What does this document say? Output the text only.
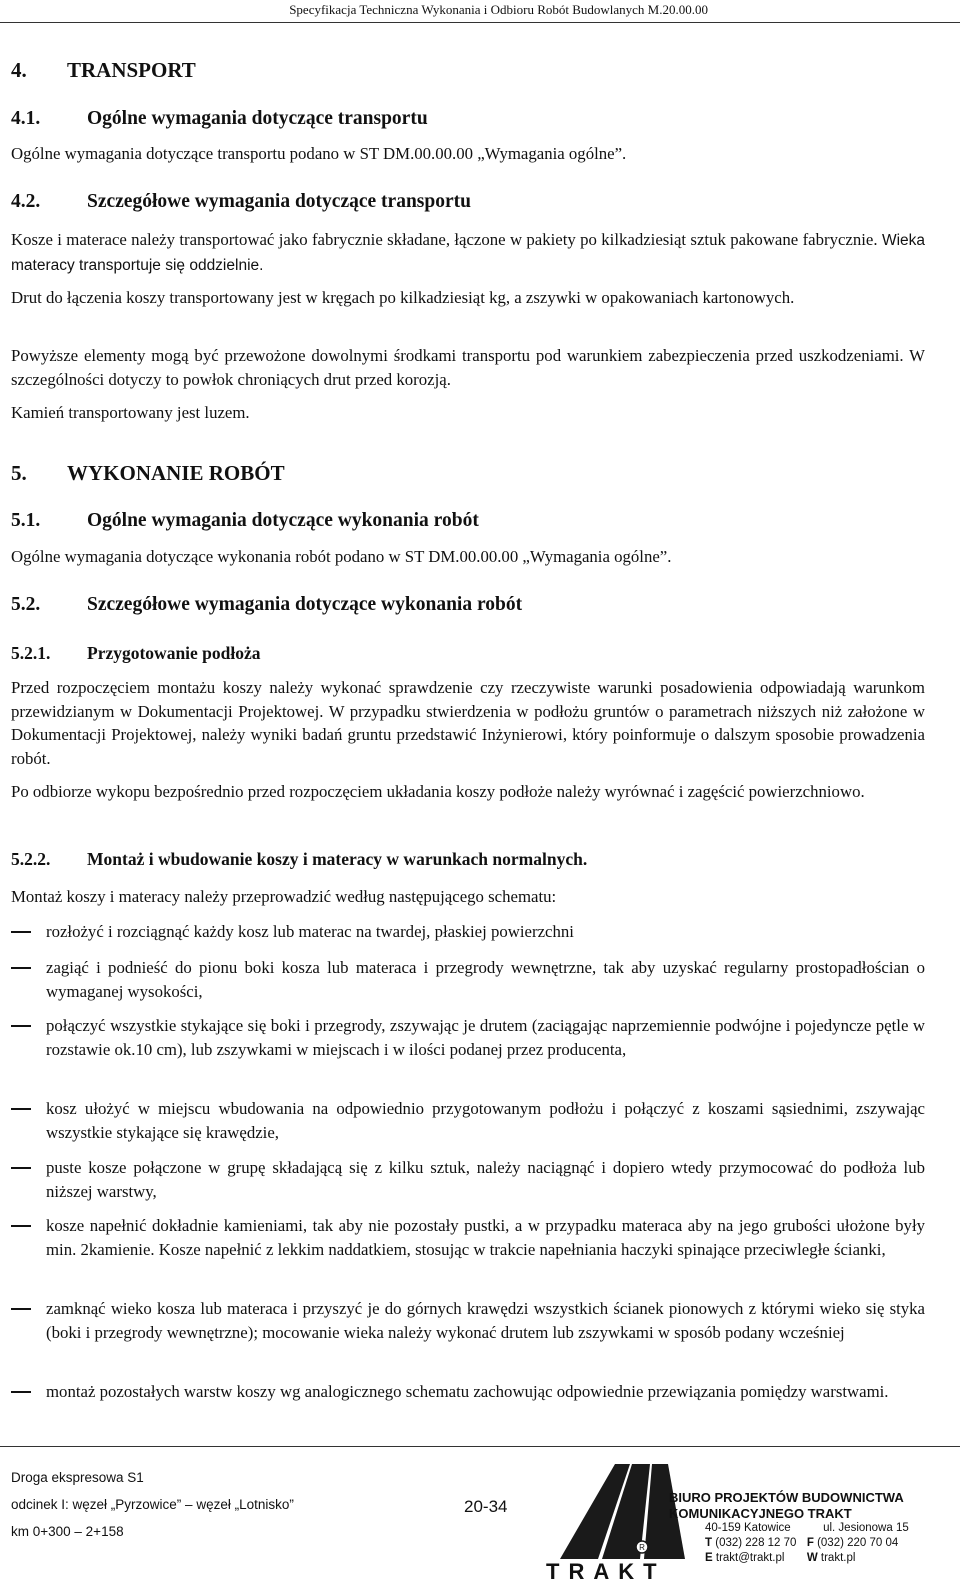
Specyfikacja Techniczna Wykonania i Odbioru Robót Budowlanych M.20.00.00
4. TRANSPORT
4.1. Ogólne wymagania dotyczące transportu
Ogólne wymagania dotyczące transportu podano w ST DM.00.00.00 „Wymagania ogólne”.
4.2. Szczegółowe wymagania dotyczące transportu
Kosze i materace należy transportować jako fabrycznie składane, łączone w pakiety po kilkadziesiąt sztuk pakowane fabrycznie. Wieka materacy transportuje się oddzielnie.
Drut do łączenia koszy transportowany jest w kręgach po kilkadziesiąt kg, a zszywki w opakowaniach kartonowych.
Powyższe elementy mogą być przewożone dowolnymi środkami transportu pod warunkiem zabezpieczenia przed uszkodzeniami. W szczególności dotyczy to powłok chroniących drut przed korozją.
Kamień transportowany jest luzem.
5. WYKONANIE ROBÓT
5.1. Ogólne wymagania dotyczące wykonania robót
Ogólne wymagania dotyczące wykonania robót podano w ST DM.00.00.00 „Wymagania ogólne”.
5.2. Szczegółowe wymagania dotyczące wykonania robót
5.2.1. Przygotowanie podłoża
Przed rozpoczęciem montażu koszy należy wykonać sprawdzenie czy rzeczywiste warunki posadowienia odpowiadają warunkom przewidzianym w Dokumentacji Projektowej. W przypadku stwierdzenia w podłożu gruntów o parametrach niższych niż założone w Dokumentacji Projektowej, należy wyniki badań gruntu przedstawić Inżynierowi, który poinformuje o dalszym sposobie prowadzenia robót.
Po odbiorze wykopu bezpośrednio przed rozpoczęciem układania koszy podłoże należy wyrównać i zagęścić powierzchniowo.
5.2.2. Montaż i wbudowanie koszy i materacy w warunkach normalnych.
Montaż koszy i materacy należy przeprowadzić według następującego schematu:
rozłożyć i rozciągnąć każdy kosz lub materac na twardej, płaskiej powierzchni
zagiąć i podnieść do pionu boki kosza lub materaca i przegrody wewnętrzne, tak aby uzyskać regularny prostopadłościan o wymaganej wysokości,
połączyć wszystkie stykające się boki i przegrody, zszywając je drutem (zaciągając naprzemiennie podwójne i pojedyncze pętle w rozstawie ok.10 cm), lub zszywkami w miejscach i w ilości podanej przez producenta,
kosz ułożyć w miejscu wbudowania na odpowiednio przygotowanym podłożu i połączyć z koszami sąsiednimi, zszywając wszystkie stykające się krawędzie,
puste kosze połączone w grupę składającą się z kilku sztuk, należy naciągnąć i dopiero wtedy przymocować do podłoża lub niższej warstwy,
kosze napełnić dokładnie kamieniami, tak aby nie pozostały pustki, a w przypadku materaca aby na jego grubości ułożone były min. 2kamienie. Kosze napełnić z lekkim naddatkiem, stosując w trakcie napełniania haczyki spinające przeciwległe ścianki,
zamknąć wieko kosza lub materaca i przyszyć je do górnych krawędzi wszystkich ścianek pionowych z którymi wieko się styka (boki i przegrody wewnętrzne); mocowanie wieka należy wykonać drutem lub zszywkami w sposób podany wcześniej
montaż pozostałych warstw koszy wg analogicznego schematu zachowując odpowiednie przewiązania pomiędzy warstwami.
Droga ekspresowa S1
odcinek I: węzeł „Pyrzowice” – węzeł „Lotnisko”
km 0+300 – 2+158
20-34
R
TRAKT
BIURO PROJEKTÓW BUDOWNICTWA
KOMUNIKACYJNEGO TRAKT
40-159 Katowice	ul. Jesionowa 15
T (032) 228 12 70 F (032) 220 70 04
E trakt@trakt.pl W trakt.pl
